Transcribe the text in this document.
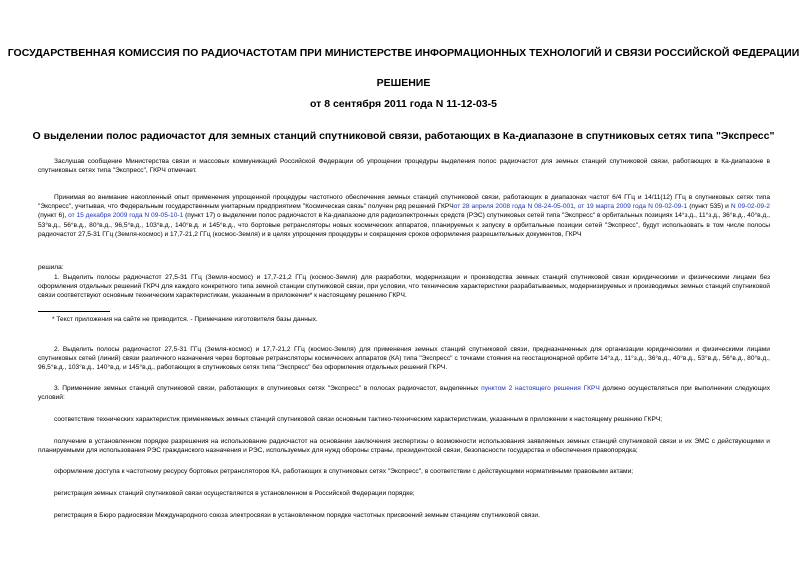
ГОСУДАРСТВЕННАЯ КОМИССИЯ ПО РАДИОЧАСТОТАМ ПРИ МИНИСТЕРСТВЕ ИНФОРМАЦИОННЫХ ТЕХНОЛОГИЙ И СВЯЗИ РОССИЙСКОЙ ФЕДЕРАЦИИ
РЕШЕНИЕ
от 8 сентября 2011 года N 11-12-03-5
О выделении полос радиочастот для земных станций спутниковой связи, работающих в Ка-диапазоне в спутниковых сетях типа "Экспресс"
Заслушав сообщение Министерства связи и массовых коммуникаций Российской Федерации об упрощении процедуры выделения полос радиочастот для земных станций спутниковой связи, работающих в Ка-диапазоне в спутниковых сетях типа "Экспресс", ГКРЧ отмечает.
Принимая во внимание накопленный опыт применения упрощенной процедуры частотного обеспечения земных станций спутниковой связи, работающих в диапазонах частот 6/4 ГГц и 14/11(12) ГГц в спутниковых сетях типа "Экспресс", учитывая, что Федеральным государственным унитарным предприятием "Космическая связь" получен ряд решений ГКРЧот 28 апреля 2008 года N 08-24-05-001, от 19 марта 2009 года N 09-02-09-1 (пункт 535) и N 09-02-09-2 (пункт 6), от 15 декабря 2009 года N 09-05-10-1 (пункт 17) о выделении полос радиочастот в Ка-диапазоне для радиоэлектронных средств (РЭС) спутниковых сетей типа "Экспресс" в орбитальных позициях 14°з.д., 11°з.д., 36°в.д., 40°в.д., 53°в.д., 56°в.д., 80°в.д., 96,5°в.д., 103°в.д., 140°в.д. и 145°в.д., что бортовые ретрансляторы новых космических аппаратов, планируемых к запуску в орбитальные позиции сетей "Экспресс", будут использовать в том числе полосы радиочастот 27,5-31 ГГц (Земля-космос) и 17,7-21,2 ГГц (космос-Земля) и в целях упрощения процедуры и сокращения сроков оформления разрешительных документов, ГКРЧ
решила:
1. Выделить полосы радиочастот 27,5-31 ГГц (Земля-космос) и 17,7-21,2 ГГц (космос-Земля) для разработки, модернизации и производства земных станций спутниковой связи юридическими и физическими лицами без оформления отдельных решений ГКРЧ для каждого конкретного типа земной станции спутниковой связи, при условии, что технические характеристики разрабатываемых, модернизируемых и производимых земных станций спутниковой связи соответствуют основным техническим характеристикам, указанным в приложении* к настоящему решению ГКРЧ.
* Текст приложения на сайте не приводится. - Примечание изготовителя базы данных.
2. Выделить полосы радиочастот 27,5-31 ГГц (Земля-космос) и 17,7-21,2 ГГц (космос-Земля) для применения земных станций спутниковой связи, предназначенных для организации юридическими и физическими лицами спутниковых сетей (линий) связи различного назначения через бортовые ретрансляторы космических аппаратов (КА) типа "Экспресс" с точками стояния на геостационарной орбите 14°з.д., 11°з.д., 36°в.д., 40°в.д., 53°в.д., 56°в.д., 80°в.д., 96,5°в.д., 103°в.д., 140°в.д. и 145°в.д., работающих в спутниковых сетях типа "Экспресс" без оформления отдельных решений ГКРЧ.
3. Применение земных станций спутниковой связи, работающих в спутниковых сетях "Экспресс" в полосах радиочастот, выделенных пунктом 2 настоящего решения ГКРЧ должно осуществляться при выполнении следующих условий:
соответствие технических характеристик применяемых земных станций спутниковой связи основным тактико-техническим характеристикам, указанным в приложении к настоящему решению ГКРЧ;
получение в установленном порядке разрешения на использование радиочастот на основании заключения экспертизы о возможности использования заявляемых земных станций спутниковой связи и их ЭМС с действующими и планируемыми для использования РЭС гражданского назначения и РЭС, используемых для нужд обороны страны, президентской связи, безопасности государства и обеспечения правопорядка;
оформление доступа к частотному ресурсу бортовых ретрансляторов КА, работающих в спутниковых сетях "Экспресс", в соответствии с действующими нормативными правовыми актами;
регистрация земных станций спутниковой связи осуществляется в установленном в Российской Федерации порядке;
регистрация в Бюро радиосвязи Международного союза электросвязи в установленном порядке частотных присвоений земным станциям спутниковой связи.
